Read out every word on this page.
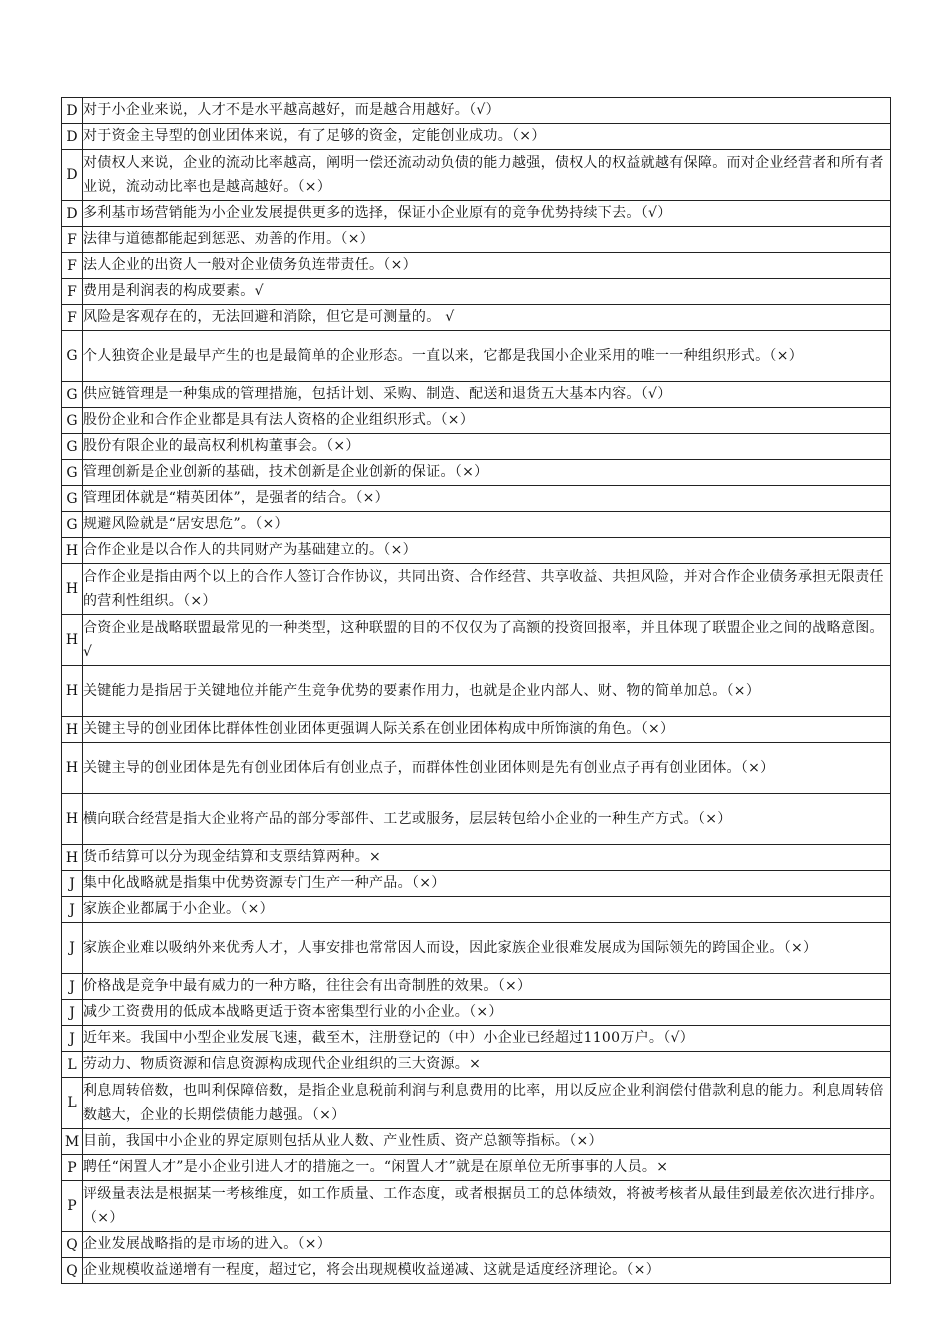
D	对于小企业来说，人才不是水平越高越好，而是越合用越好。（√）
D	对于资金主导型的创业团体来说，有了足够的资金，定能创业成功。（×）
D	对债权人来说，企业的流动比率越高，阐明一偿还流动动负债的能力越强，债权人的权益就越有保障。而对企业经营者和所有者业说，流动动比率也是越高越好。（×）
D	多利基市场营销能为小企业发展提供更多的选择，保证小企业原有的竞争优势持续下去。（√）
F	法律与道德都能起到惩恶、劝善的作用。（×）
F	法人企业的出资人一般对企业债务负连带责任。（×）
F	费用是利润表的构成要素。√
F	风险是客观存在的，无法回避和消除，但它是可测量的。 √
G	个人独资企业是最早产生的也是最简单的企业形态。一直以来，它都是我国小企业采用的唯一一种组织形式。（×）
G	供应链管理是一种集成的管理措施，包括计划、采购、制造、配送和退货五大基本内容。（√）
G	股份企业和合作企业都是具有法人资格的企业组织形式。（×）
G	股份有限企业的最高权利机构董事会。（×）
G	管理创新是企业创新的基础，技术创新是企业创新的保证。（×）
G	管理团体就是“精英团体”，是强者的结合。（×）
G	规避风险就是“居安思危”。（×）
H	合作企业是以合作人的共同财产为基础建立的。（×）
H	合作企业是指由两个以上的合作人签订合作协议，共同出资、合作经营、共享收益、共担风险，并对合作企业债务承担无限责任的营利性组织。（×）
H	合资企业是战略联盟最常见的一种类型，这种联盟的目的不仅仅为了高额的投资回报率，并且体现了联盟企业之间的战略意图。 √
H	关键能力是指居于关键地位并能产生竞争优势的要素作用力，也就是企业内部人、财、物的简单加总。（×）
H	关键主导的创业团体比群体性创业团体更强调人际关系在创业团体构成中所饰演的角色。（×）
H	关键主导的创业团体是先有创业团体后有创业点子，而群体性创业团体则是先有创业点子再有创业团体。（×）
H	横向联合经营是指大企业将产品的部分零部件、工艺或服务，层层转包给小企业的一种生产方式。（×）
H	货币结算可以分为现金结算和支票结算两种。×
J	集中化战略就是指集中优势资源专门生产一种产品。（×）
J	家族企业都属于小企业。（×）
J	家族企业难以吸纳外来优秀人才，人事安排也常常因人而设，因此家族企业很难发展成为国际领先的跨国企业。（×）
J	价格战是竞争中最有威力的一种方略，往往会有出奇制胜的效果。（×）
J	减少工资费用的低成本战略更适于资本密集型行业的小企业。（×）
J	近年来。我国中小型企业发展飞速，截至木，注册登记的（中）小企业已经超过1100万户。（√）
L	劳动力、物质资源和信息资源构成现代企业组织的三大资源。×
L	利息周转倍数，也叫利保障倍数，是指企业息税前利润与利息费用的比率，用以反应企业利润偿付借款利息的能力。利息周转倍数越大，企业的长期偿债能力越强。（×）
M	目前，我国中小企业的界定原则包括从业人数、产业性质、资产总额等指标。（×）
P	聘任“闲置人才”是小企业引进人才的措施之一。“闲置人才”就是在原单位无所事事的人员。×
P	评级量表法是根据某一考核维度，如工作质量、工作态度，或者根据员工的总体绩效，将被考核者从最佳到最差依次进行排序。（×）
Q	企业发展战略指的是市场的进入。（×）
Q	企业规模收益递增有一程度，超过它，将会出现规模收益递减、这就是适度经济理论。（×）
